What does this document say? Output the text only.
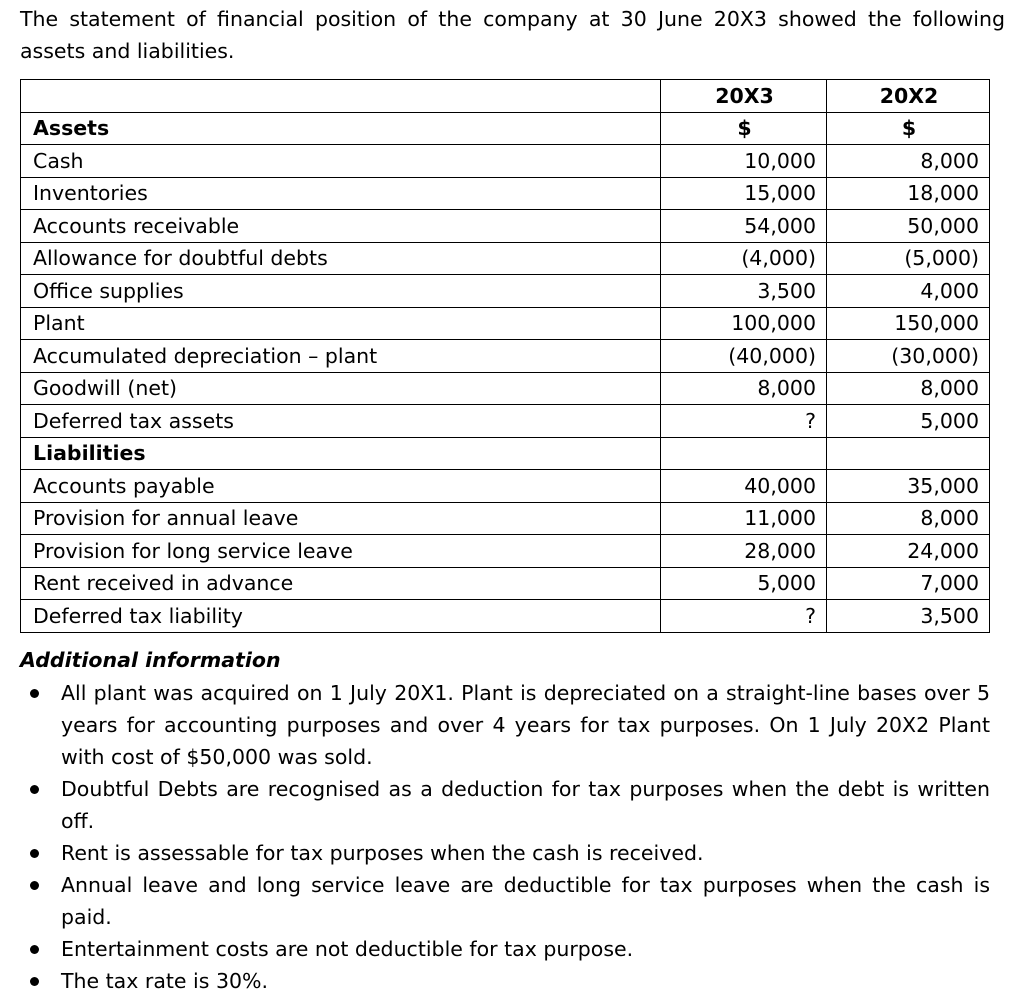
The statement of financial position of the company at 30 June 20X3 showed the following assets and liabilities.
	20X3	20X2
Assets	$	$
Cash	10,000	8,000
Inventories	15,000	18,000
Accounts receivable	54,000	50,000
Allowance for doubtful debts	(4,000)	(5,000)
Office supplies	3,500	4,000
Plant	100,000	150,000
Accumulated depreciation – plant	(40,000)	(30,000)
Goodwill (net)	8,000	8,000
Deferred tax assets	?	5,000
Liabilities		
Accounts payable	40,000	35,000
Provision for annual leave	11,000	8,000
Provision for long service leave	28,000	24,000
Rent received in advance	5,000	7,000
Deferred tax liability	?	3,500
Additional information
All plant was acquired on 1 July 20X1. Plant is depreciated on a straight-line bases over 5 years for accounting purposes and over 4 years for tax purposes. On 1 July 20X2 Plant with cost of $50,000 was sold.
Doubtful Debts are recognised as a deduction for tax purposes when the debt is written off.
Rent is assessable for tax purposes when the cash is received.
Annual leave and long service leave are deductible for tax purposes when the cash is paid.
Entertainment costs are not deductible for tax purpose.
The tax rate is 30%.
